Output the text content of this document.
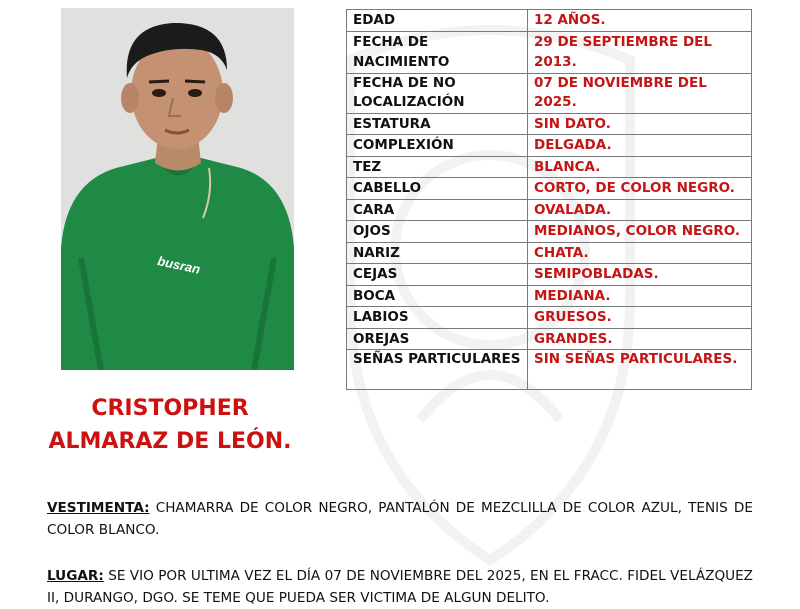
busran
CRISTOPHER
ALMARAZ DE LEÓN.
EDAD	12 AÑOS.
FECHA DE NACIMIENTO	29 DE SEPTIEMBRE DEL 2013.
FECHA DE NO LOCALIZACIÓN	07 DE NOVIEMBRE DEL 2025.
ESTATURA	SIN DATO.
COMPLEXIÓN	DELGADA.
TEZ	BLANCA.
CABELLO	CORTO, DE COLOR NEGRO.
CARA	OVALADA.
OJOS	MEDIANOS, COLOR NEGRO.
NARIZ	CHATA.
CEJAS	SEMIPOBLADAS.
BOCA	MEDIANA.
LABIOS	GRUESOS.
OREJAS	GRANDES.
SEÑAS PARTICULARES	SIN SEÑAS PARTICULARES.
VESTIMENTA: CHAMARRA DE COLOR NEGRO, PANTALÓN DE MEZCLILLA DE COLOR AZUL, TENIS DE COLOR BLANCO.
LUGAR: SE VIO POR ULTIMA VEZ EL DÍA 07 DE NOVIEMBRE DEL 2025, EN EL FRACC. FIDEL VELÁZQUEZ II, DURANGO, DGO. SE TEME QUE PUEDA SER VICTIMA DE ALGUN DELITO.
